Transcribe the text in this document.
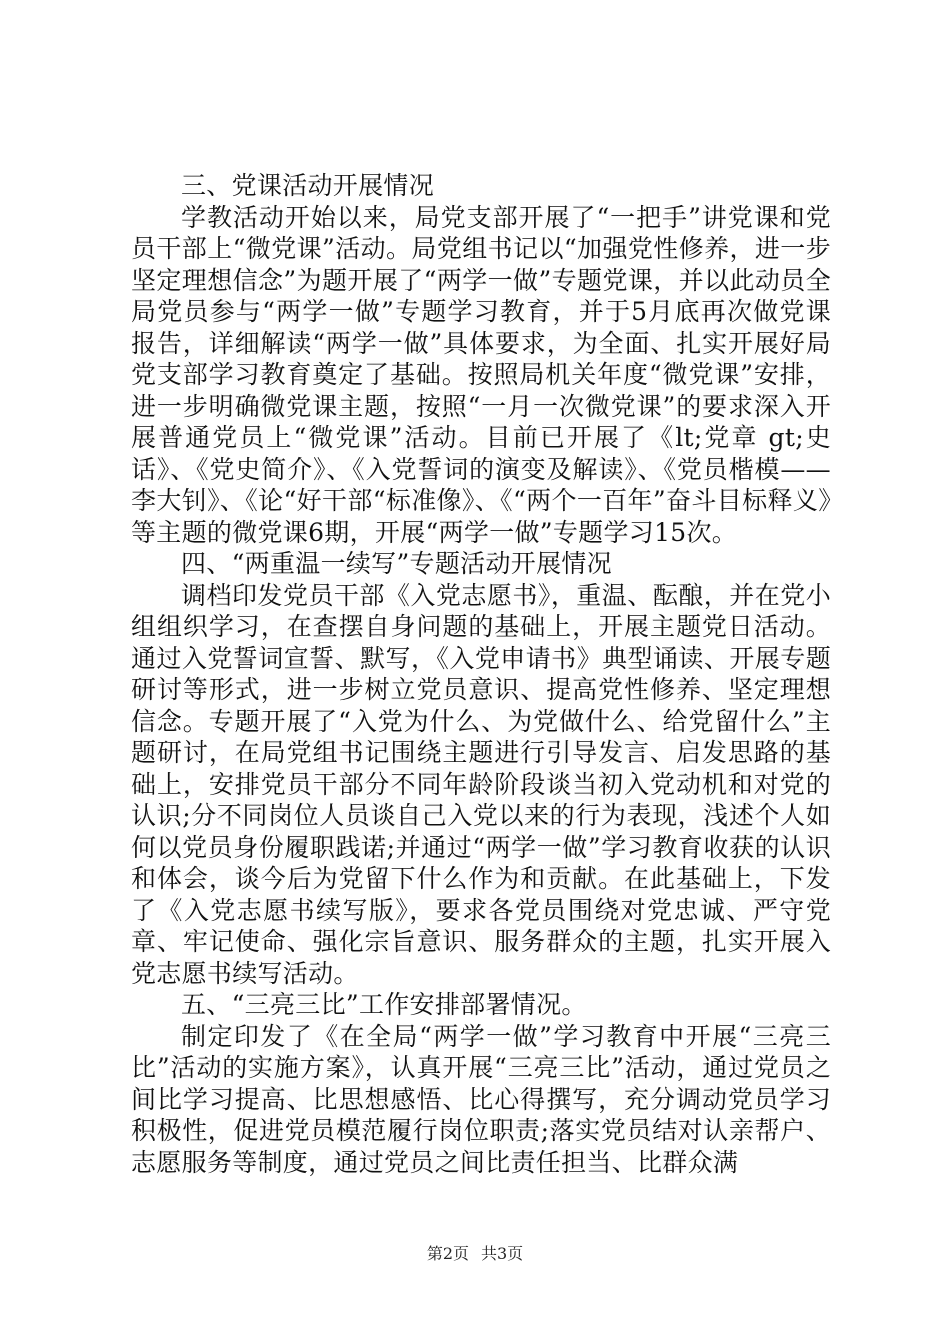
三、党课活动开展情况

学教活动开始以来，局党支部开展了“一把手”讲党课和党员干部上“微党课”活动。局党组书记以“加强党性修养，进一步坚定理想信念”为题开展了“两学一做”专题党课，并以此动员全局党员参与“两学一做”专题学习教育，并于5月底再次做党课报告，详细解读“两学一做”具体要求，为全面、扎实开展好局党支部学习教育奠定了基础。按照局机关年度“微党课”安排，进一步明确微党课主题，按照“一月一次微党课”的要求深入开展普通党员上“微党课”活动。目前已开展了《lt;党章 gt;史话》、《党史简介》、《入党誓词的演变及解读》、《党员楷模——李大钊》、《论“好干部“标准像》、《“两个一百年”奋斗目标释义》等主题的微党课6期，开展“两学一做”专题学习15次。

四、“两重温一续写”专题活动开展情况

调档印发党员干部《入党志愿书》，重温、酝酿，并在党小组组织学习，在查摆自身问题的基础上，开展主题党日活动。通过入党誓词宣誓、默写，《入党申请书》典型诵读、开展专题研讨等形式，进一步树立党员意识、提高党性修养、坚定理想信念。专题开展了“入党为什么、为党做什么、给党留什么”主题研讨，在局党组书记围绕主题进行引导发言、启发思路的基础上，安排党员干部分不同年龄阶段谈当初入党动机和对党的认识;分不同岗位人员谈自己入党以来的行为表现，浅述个人如何以党员身份履职践诺;并通过“两学一做”学习教育收获的认识和体会，谈今后为党留下什么作为和贡献。在此基础上，下发了《入党志愿书续写版》，要求各党员围绕对党忠诚、严守党章、牢记使命、强化宗旨意识、服务群众的主题，扎实开展入党志愿书续写活动。

五、“三亮三比”工作安排部署情况。

制定印发了《在全局“两学一做”学习教育中开展“三亮三比”活动的实施方案》，认真开展“三亮三比”活动，通过党员之间比学习提高、比思想感悟、比心得撰写，充分调动党员学习积极性，促进党员模范履行岗位职责;落实党员结对认亲帮户、志愿服务等制度，通过党员之间比责任担当、比群众满

第2页 共3页
